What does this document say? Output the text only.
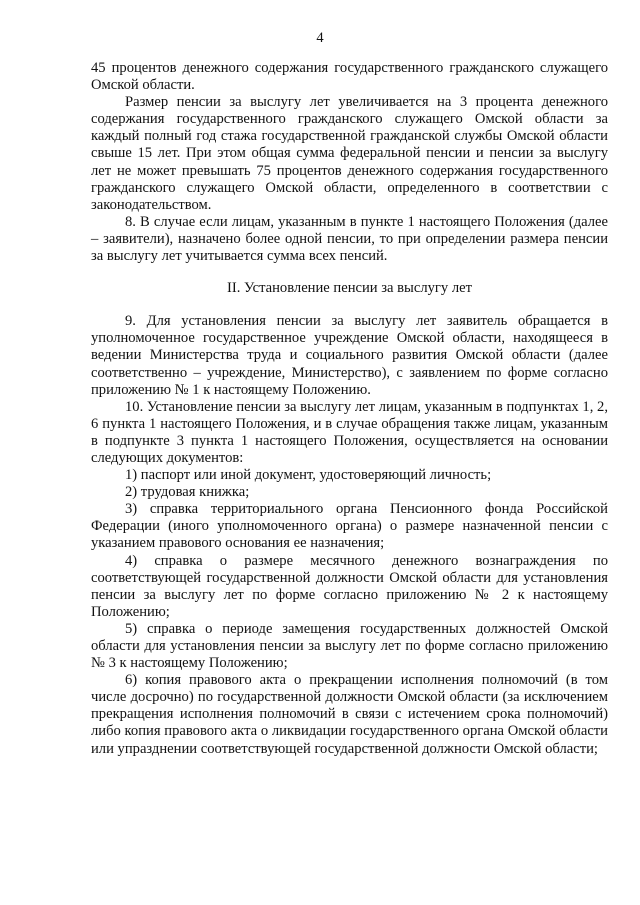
4

45 процентов денежного содержания государственного гражданского служащего Омской области.

Размер пенсии за выслугу лет увеличивается на 3 процента денежного содержания государственного гражданского служащего Омской области за каждый полный год стажа государственной гражданской службы Омской области свыше 15 лет. При этом общая сумма федеральной пенсии и пенсии за выслугу лет не может превышать 75 процентов денежного содержания государственного гражданского служащего Омской области, определенного в соответствии с законодательством.

8. В случае если лицам, указанным в пункте 1 настоящего Положения (далее – заявители), назначено более одной пенсии, то при определении размера пенсии за выслугу лет учитывается сумма всех пенсий.

II. Установление пенсии за выслугу лет

9. Для установления пенсии за выслугу лет заявитель обращается в уполномоченное государственное учреждение Омской области, находящееся в ведении Министерства труда и социального развития Омской области (далее соответственно – учреждение, Министерство), с заявлением по форме согласно приложению № 1 к настоящему Положению.

10. Установление пенсии за выслугу лет лицам, указанным в подпунктах 1, 2, 6 пункта 1 настоящего Положения, и в случае обращения также лицам, указанным в подпункте 3 пункта 1 настоящего Положения, осуществляется на основании следующих документов:

1) паспорт или иной документ, удостоверяющий личность;

2) трудовая книжка;

3) справка территориального органа Пенсионного фонда Российской Федерации (иного уполномоченного органа) о размере назначенной пенсии с указанием правового основания ее назначения;

4) справка о размере месячного денежного вознаграждения по соответствующей государственной должности Омской области для установления пенсии за выслугу лет по форме согласно приложению № 2 к настоящему Положению;

5) справка о периоде замещения государственных должностей Омской области для установления пенсии за выслугу лет по форме согласно приложению № 3 к настоящему Положению;

6) копия правового акта о прекращении исполнения полномочий (в том числе досрочно) по государственной должности Омской области (за исключением прекращения исполнения полномочий в связи с истечением срока полномочий) либо копия правового акта о ликвидации государственного органа Омской области или упразднении соответствующей государственной должности Омской области;
